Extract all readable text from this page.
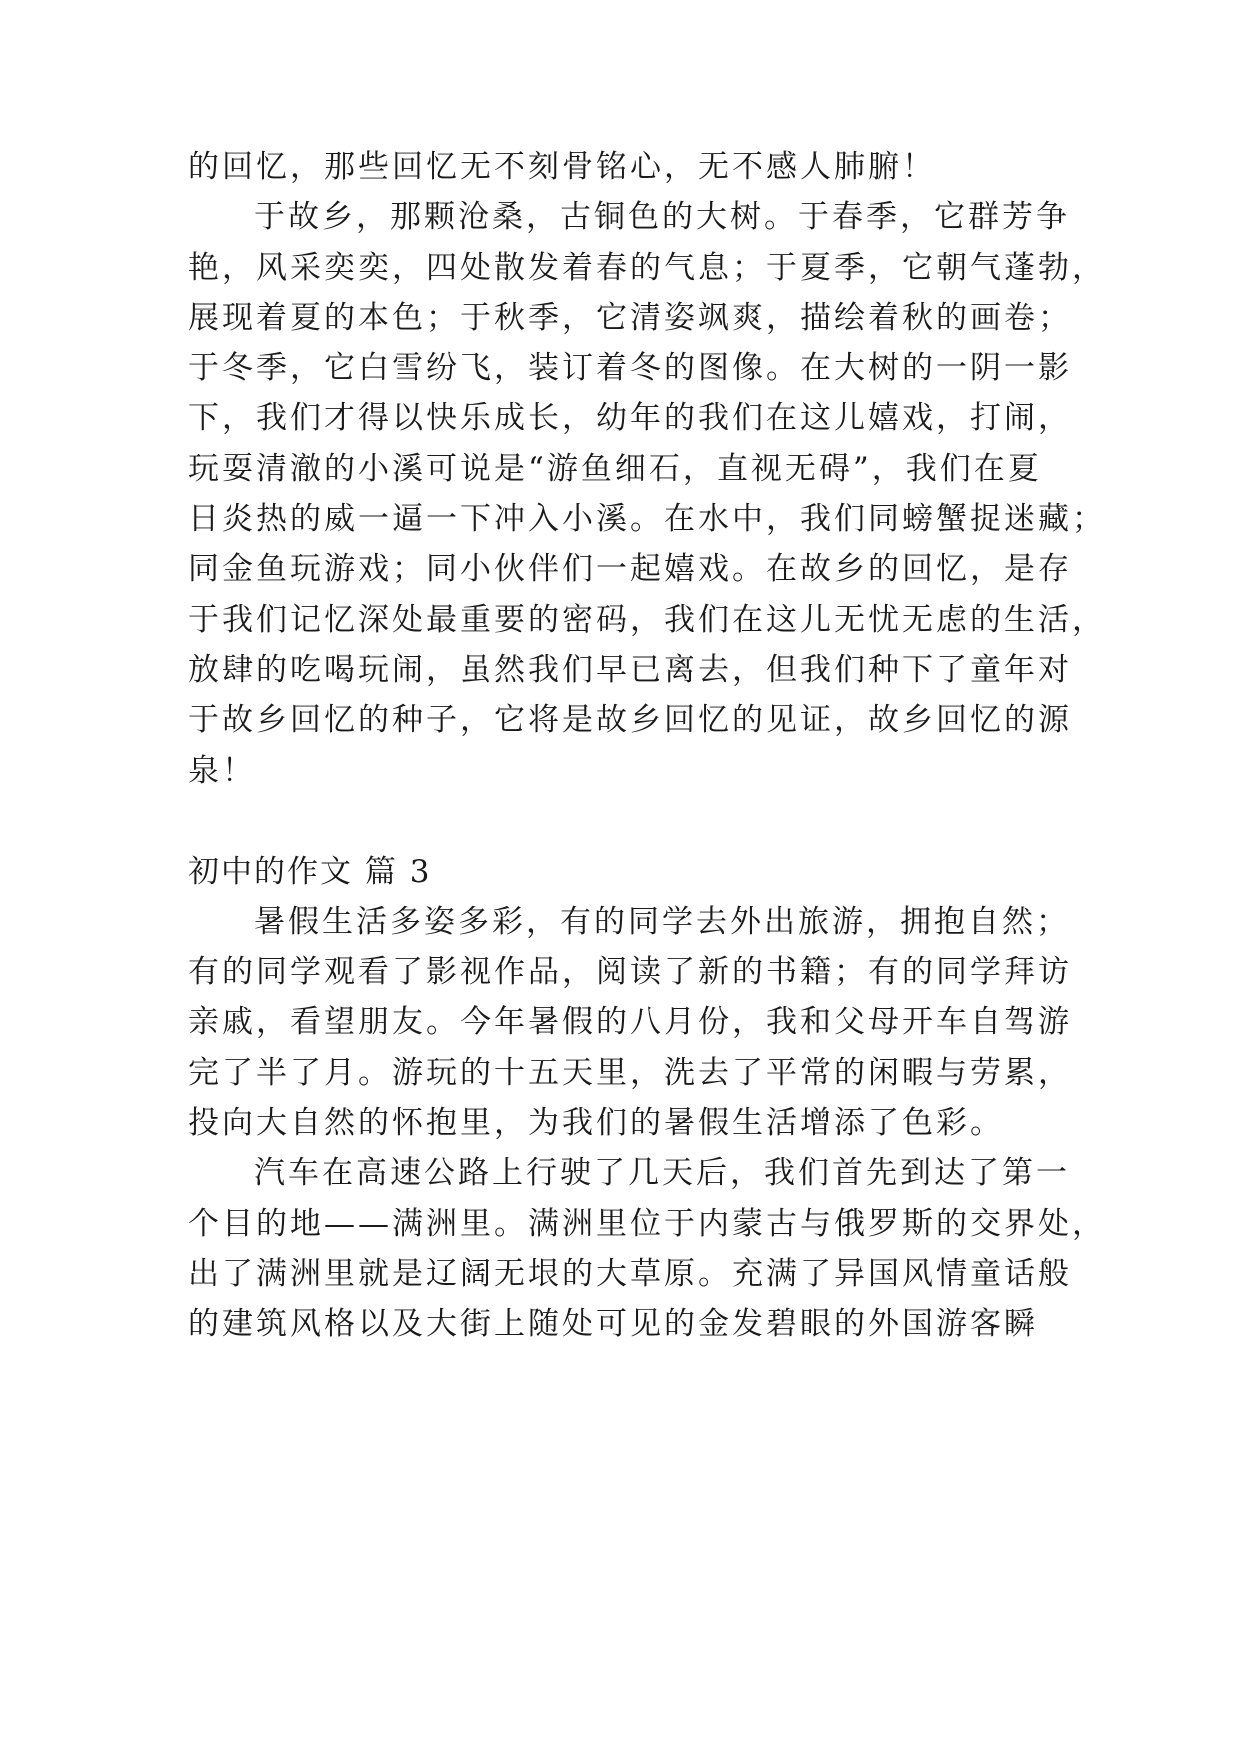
的回忆，那些回忆无不刻骨铭心，无不感人肺腑！
于故乡，那颗沧桑，古铜色的大树。于春季，它群芳争
艳，风采奕奕，四处散发着春的气息；于夏季，它朝气蓬勃，
展现着夏的本色；于秋季，它清姿飒爽，描绘着秋的画卷；
于冬季，它白雪纷飞，装订着冬的图像。在大树的一阴一影
下，我们才得以快乐成长，幼年的我们在这儿嬉戏，打闹，
玩耍清澈的小溪可说是“游鱼细石，直视无碍”，我们在夏
日炎热的威一逼一下冲入小溪。在水中，我们同螃蟹捉迷藏；
同金鱼玩游戏；同小伙伴们一起嬉戏。在故乡的回忆，是存
于我们记忆深处最重要的密码，我们在这儿无忧无虑的生活，
放肆的吃喝玩闹，虽然我们早已离去，但我们种下了童年对
于故乡回忆的种子，它将是故乡回忆的见证，故乡回忆的源
泉！
初中的作文 篇 3
暑假生活多姿多彩，有的同学去外出旅游，拥抱自然；
有的同学观看了影视作品，阅读了新的书籍；有的同学拜访
亲戚，看望朋友。今年暑假的八月份，我和父母开车自驾游
完了半了月。游玩的十五天里，洗去了平常的闲暇与劳累，
投向大自然的怀抱里，为我们的暑假生活增添了色彩。
汽车在高速公路上行驶了几天后，我们首先到达了第一
个目的地——满洲里。满洲里位于内蒙古与俄罗斯的交界处，
出了满洲里就是辽阔无垠的大草原。充满了异国风情童话般
的建筑风格以及大街上随处可见的金发碧眼的外国游客瞬
